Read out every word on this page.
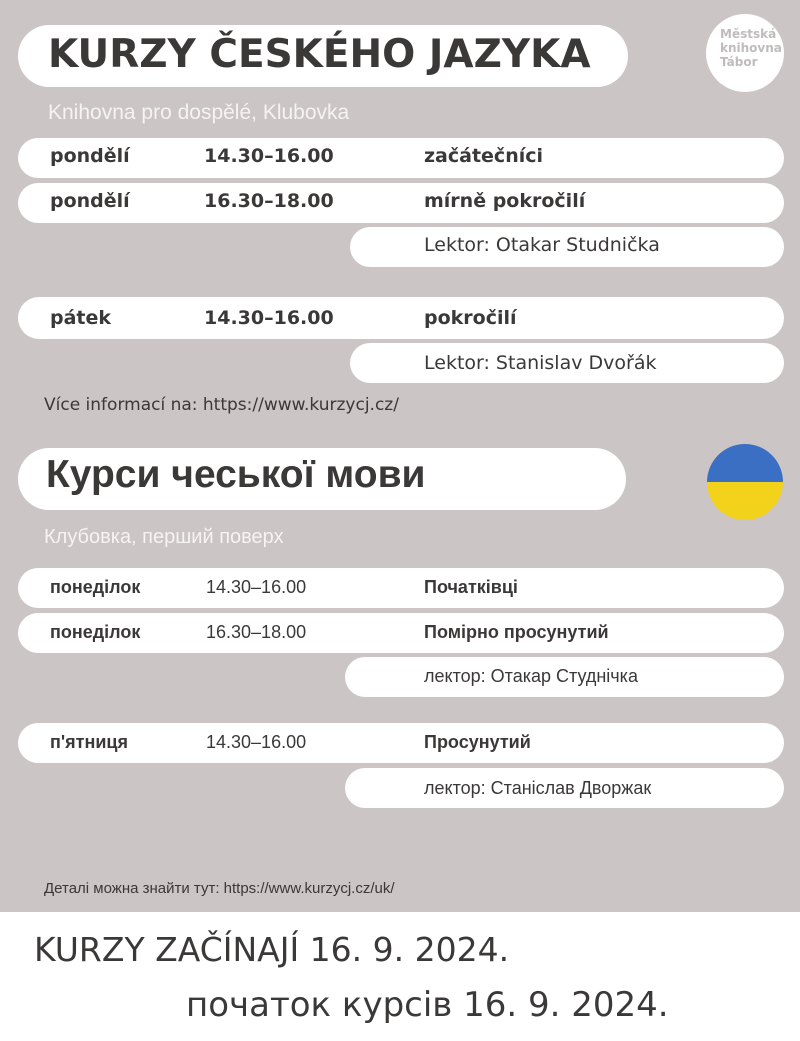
Městská
knihovna
Tábor
KURZY ČESKÉHO JAZYKA
Knihovna pro dospělé, Klubovka
pondělí	14.30–16.00	začátečníci
pondělí	16.30–18.00	mírně pokročilí
Lektor: Otakar Studnička
pátek	14.30–16.00	pokročilí
Lektor: Stanislav Dvořák
Více informací na: https://www.kurzycj.cz/
Курси чеської мови
Клубовка, перший поверх
понеділок	14.30–16.00	Початківці
понеділок	16.30–18.00	Помірно просунутий
лектор: Отакар Студнічка
п'ятниця	14.30–16.00	Просунутий
лектор: Станіслав Дворжак
Деталі можна знайти тут: https://www.kurzycj.cz/uk/
KURZY ZAČÍNAJÍ 16. 9. 2024.
початок курсів 16. 9. 2024.
